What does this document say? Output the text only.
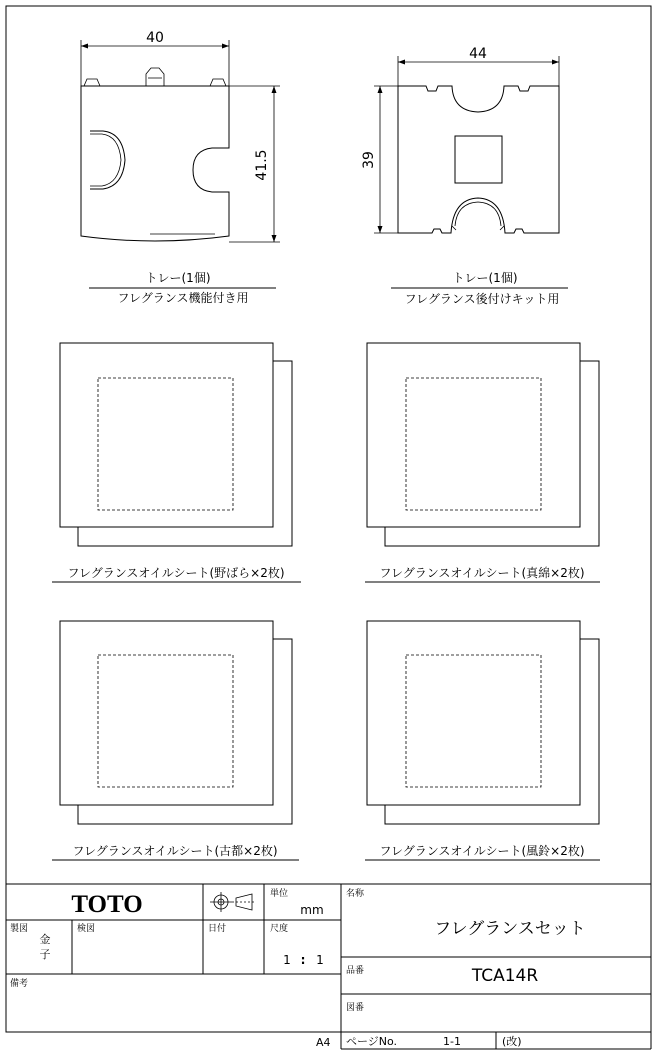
40
41.5
トレー(1個)
フレグランス機能付き用
44
39
トレー(1個)
フレグランス後付けキット用
フレグランスオイルシート(野ばら×2枚)	フレグランスオイルシート(真綿×2枚)
フレグランスオイルシート(古都×2枚)	フレグランスオイルシート(風鈴×2枚)
TOTO	単位
mm
名称
フレグランスセット
製図
金
子
検図	日付	尺度
1 : 1
品番	TCA14R
備考
図番
A4 ページNo.	1-1	(改)
